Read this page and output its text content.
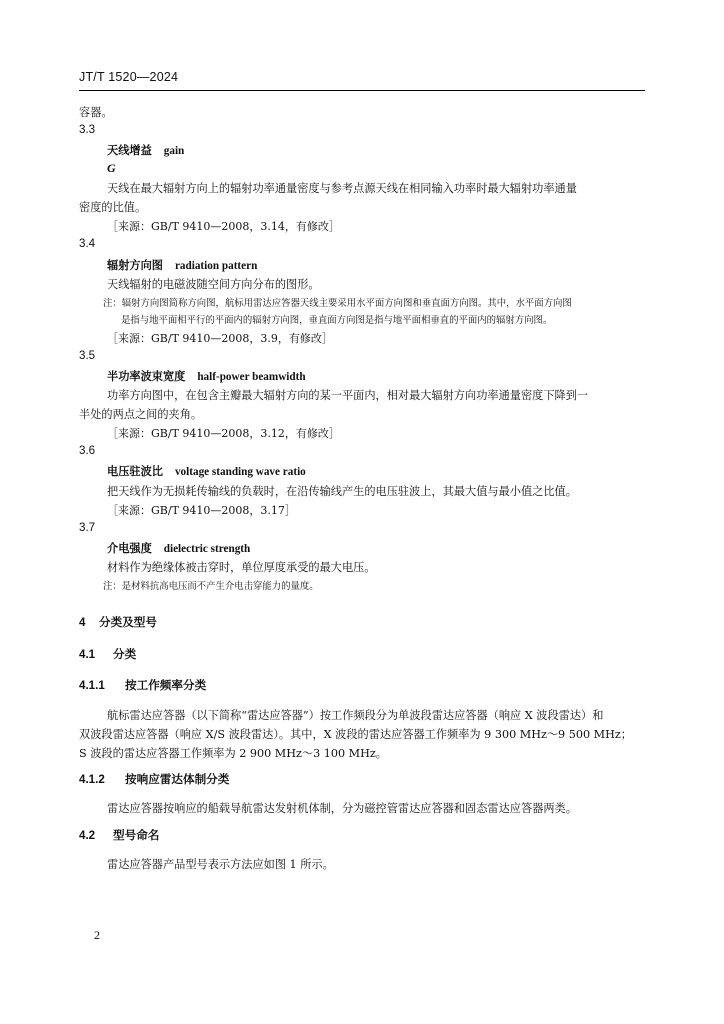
JT/T 1520—2024
容器。
3.3
天线增益 gain
G
天线在最大辐射方向上的辐射功率通量密度与参考点源天线在相同输入功率时最大辐射功率通量
密度的比值。
［来源：GB/T 9410—2008，3.14，有修改］
3.4
辐射方向图 radiation pattern
天线辐射的电磁波随空间方向分布的图形。
注：辐射方向图简称方向图，航标用雷达应答器天线主要采用水平面方向图和垂直面方向图。其中，水平面方向图
是指与地平面相平行的平面内的辐射方向图，垂直面方向图是指与地平面相垂直的平面内的辐射方向图。
［来源：GB/T 9410—2008，3.9，有修改］
3.5
半功率波束宽度 half-power beamwidth
功率方向图中，在包含主瓣最大辐射方向的某一平面内，相对最大辐射方向功率通量密度下降到一
半处的两点之间的夹角。
［来源：GB/T 9410—2008，3.12，有修改］
3.6
电压驻波比 voltage standing wave ratio
把天线作为无损耗传输线的负载时，在沿传输线产生的电压驻波上，其最大值与最小值之比值。
［来源：GB/T 9410—2008，3.17］
3.7
介电强度 dielectric strength
材料作为绝缘体被击穿时，单位厚度承受的最大电压。
注：是材料抗高电压而不产生介电击穿能力的量度。
4 分类及型号
4.1 分类
4.1.1 按工作频率分类
航标雷达应答器（以下简称“雷达应答器”）按工作频段分为单波段雷达应答器（响应 X 波段雷达）和
双波段雷达应答器（响应 X/S 波段雷达）。其中，X 波段的雷达应答器工作频率为 9 300 MHz～9 500 MHz；
S 波段的雷达应答器工作频率为 2 900 MHz～3 100 MHz。
4.1.2 按响应雷达体制分类
雷达应答器按响应的船载导航雷达发射机体制，分为磁控管雷达应答器和固态雷达应答器两类。
4.2 型号命名
雷达应答器产品型号表示方法应如图 1 所示。
2
